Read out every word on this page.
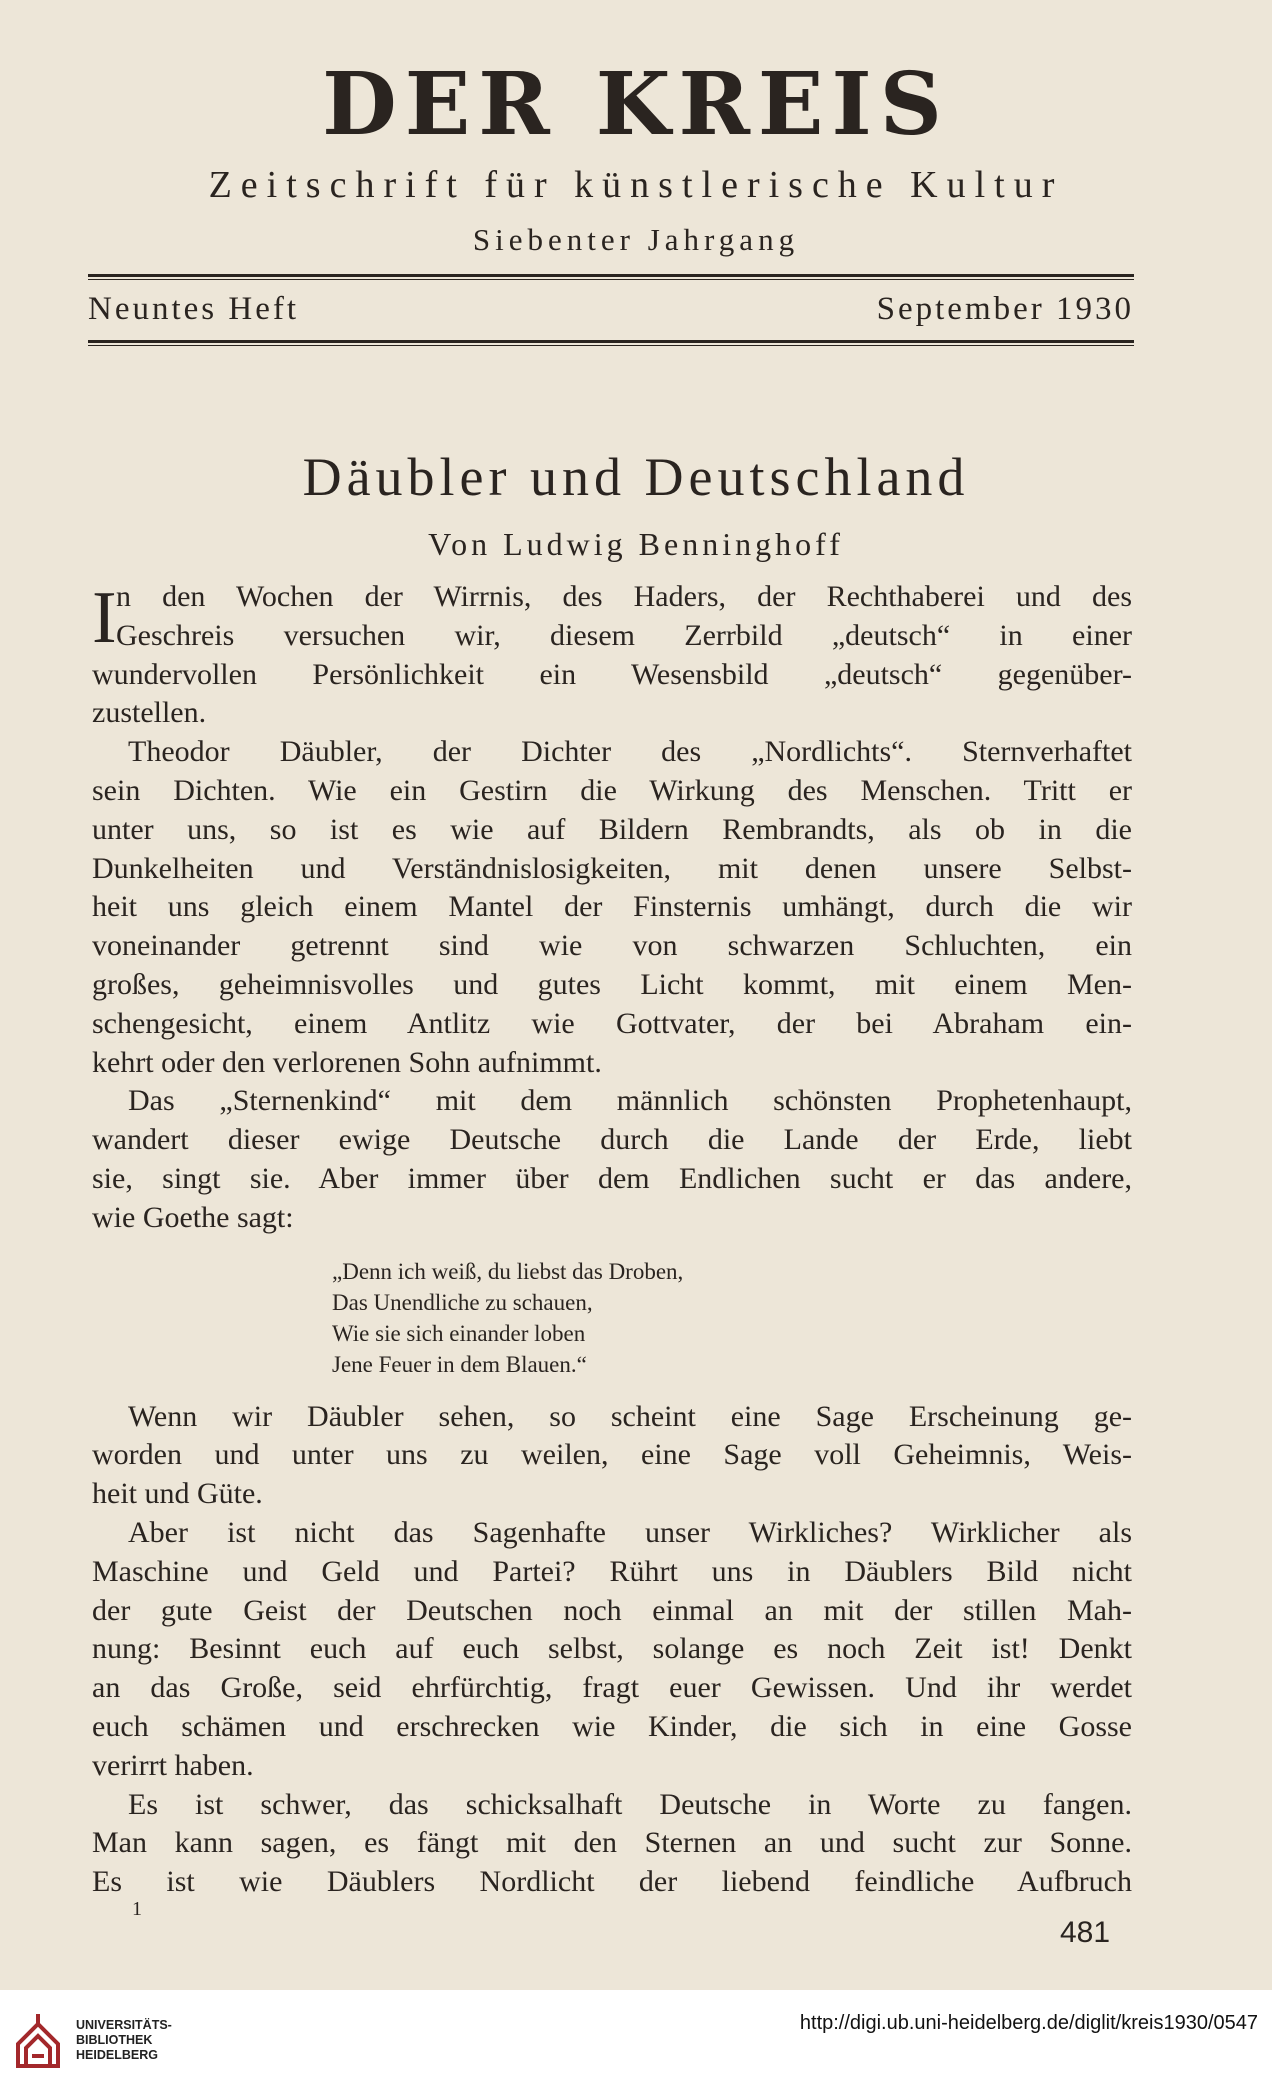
DER KREIS
Zeitschrift für künstlerische Kultur
Siebenter Jahrgang
Neuntes Heft	September 1930
Däubler und Deutschland
Von Ludwig Benninghoff
I n den Wochen der Wirrnis, des Haders, der Rechthaberei und des
Geschreis versuchen wir, diesem Zerrbild „deutsch“ in einer
wundervollen Persönlichkeit ein Wesensbild „deutsch“ gegenüber-
zustellen.
Theodor Däubler, der Dichter des „Nordlichts“. Sternverhaftet
sein Dichten. Wie ein Gestirn die Wirkung des Menschen. Tritt er
unter uns, so ist es wie auf Bildern Rembrandts, als ob in die
Dunkelheiten und Verständnislosigkeiten, mit denen unsere Selbst-
heit uns gleich einem Mantel der Finsternis umhängt, durch die wir
voneinander getrennt sind wie von schwarzen Schluchten, ein
großes, geheimnisvolles und gutes Licht kommt, mit einem Men-
schengesicht, einem Antlitz wie Gottvater, der bei Abraham ein-
kehrt oder den verlorenen Sohn aufnimmt.
Das „Sternenkind“ mit dem männlich schönsten Prophetenhaupt,
wandert dieser ewige Deutsche durch die Lande der Erde, liebt
sie, singt sie. Aber immer über dem Endlichen sucht er das andere,
wie Goethe sagt:
„Denn ich weiß, du liebst das Droben,
Das Unendliche zu schauen,
Wie sie sich einander loben
Jene Feuer in dem Blauen.“
Wenn wir Däubler sehen, so scheint eine Sage Erscheinung ge-
worden und unter uns zu weilen, eine Sage voll Geheimnis, Weis-
heit und Güte.
Aber ist nicht das Sagenhafte unser Wirkliches? Wirklicher als
Maschine und Geld und Partei? Rührt uns in Däublers Bild nicht
der gute Geist der Deutschen noch einmal an mit der stillen Mah-
nung: Besinnt euch auf euch selbst, solange es noch Zeit ist! Denkt
an das Große, seid ehrfürchtig, fragt euer Gewissen. Und ihr werdet
euch schämen und erschrecken wie Kinder, die sich in eine Gosse
verirrt haben.
Es ist schwer, das schicksalhaft Deutsche in Worte zu fangen.
Man kann sagen, es fängt mit den Sternen an und sucht zur Sonne.
Es ist wie Däublers Nordlicht der liebend feindliche Aufbruch
1
481
UNIVERSITÄTS-
BIBLIOTHEK
HEIDELBERG
http://digi.ub.uni-heidelberg.de/diglit/kreis1930/0547
